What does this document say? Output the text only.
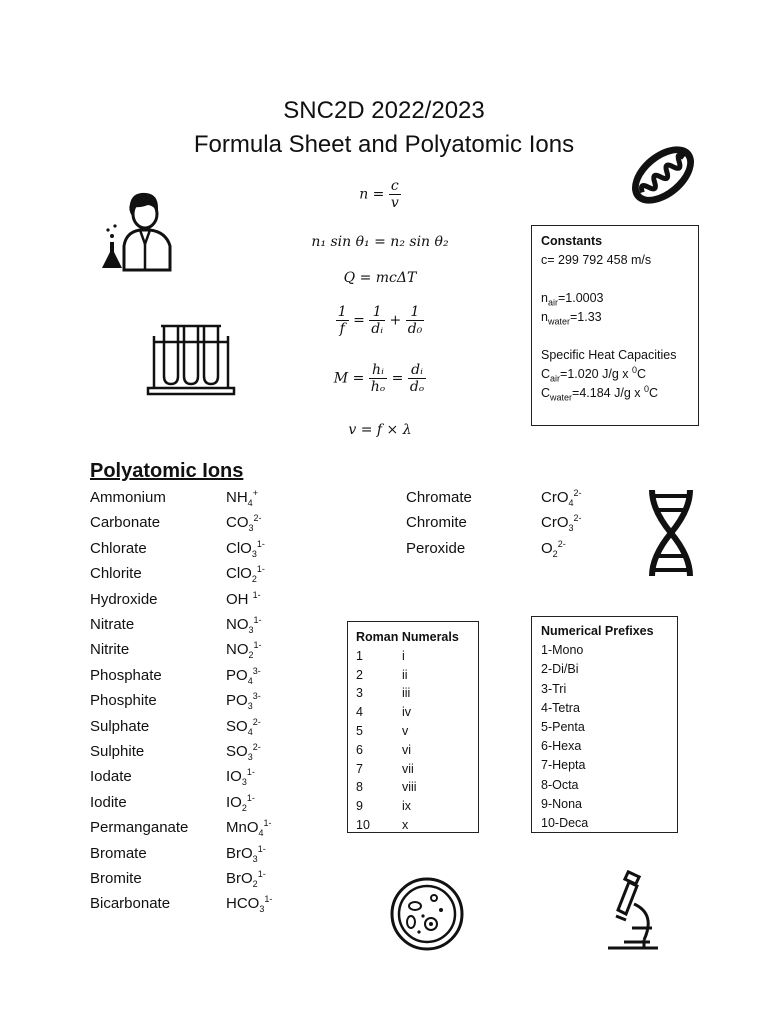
SNC2D 2022/2023
Formula Sheet and Polyatomic Ions
$n = \frac{c}{v}$
n₁ sin θ₁ = n₂ sin θ₂
Q = mcΔT
$\frac{1}{f} = \frac{1}{\text{dᵢ}} + \frac{1}{\text{d₀}}$
$M = \frac{\text{hᵢ}}{\text{hₒ}} = \frac{\text{dᵢ}}{\text{dₒ}}$
v = f × λ
Constants
c= 299 792 458 m/s
$n_{air}=1.0003$
$n_{water}=1.33$
Specific Heat Capacities
$C_{air}=1.020$ J/g x $^0$C
$C_{water}=4.184$ J/g x $^0$C
Polyatomic Ions
Ammonium	$NH_4^+$
Carbonate	$CO_3^{2-}$
Chlorate	ClO$_3^{1-}$
Chlorite	ClO$_2^{1-}$
Hydroxide	OH $^{1-}$
Nitrate	$NO_3^{1-}$
Nitrite	$NO_2^{1-}$
Phosphate	$PO_4^{3-}$
Phosphite	$PO_3^{3-}$
Sulphate	$SO_4^{2-}$
Sulphite	$SO_3^{2-}$
Iodate	$IO_3^{1-}$
Iodite	$IO_2^{1-}$
Permanganate	MnO$_4^{1-}$
Bromate	BrO$_3^{1-}$
Bromite	BrO$_2^{1-}$
Bicarbonate	$HCO_3^{1-}$
Chromate	CrO$_4^{2-}$
Chromite	CrO$_3^{2-}$
Peroxide	$O_2^{2-}$
Roman Numerals
1	i
2	ii
3	iii
4	iv
5	v
6	vi
7	vii
8	viii
9	ix
10	x
Numerical Prefixes
1-Mono
2-Di/Bi
3-Tri
4-Tetra
5-Penta
6-Hexa
7-Hepta
8-Octa
9-Nona
10-Deca
